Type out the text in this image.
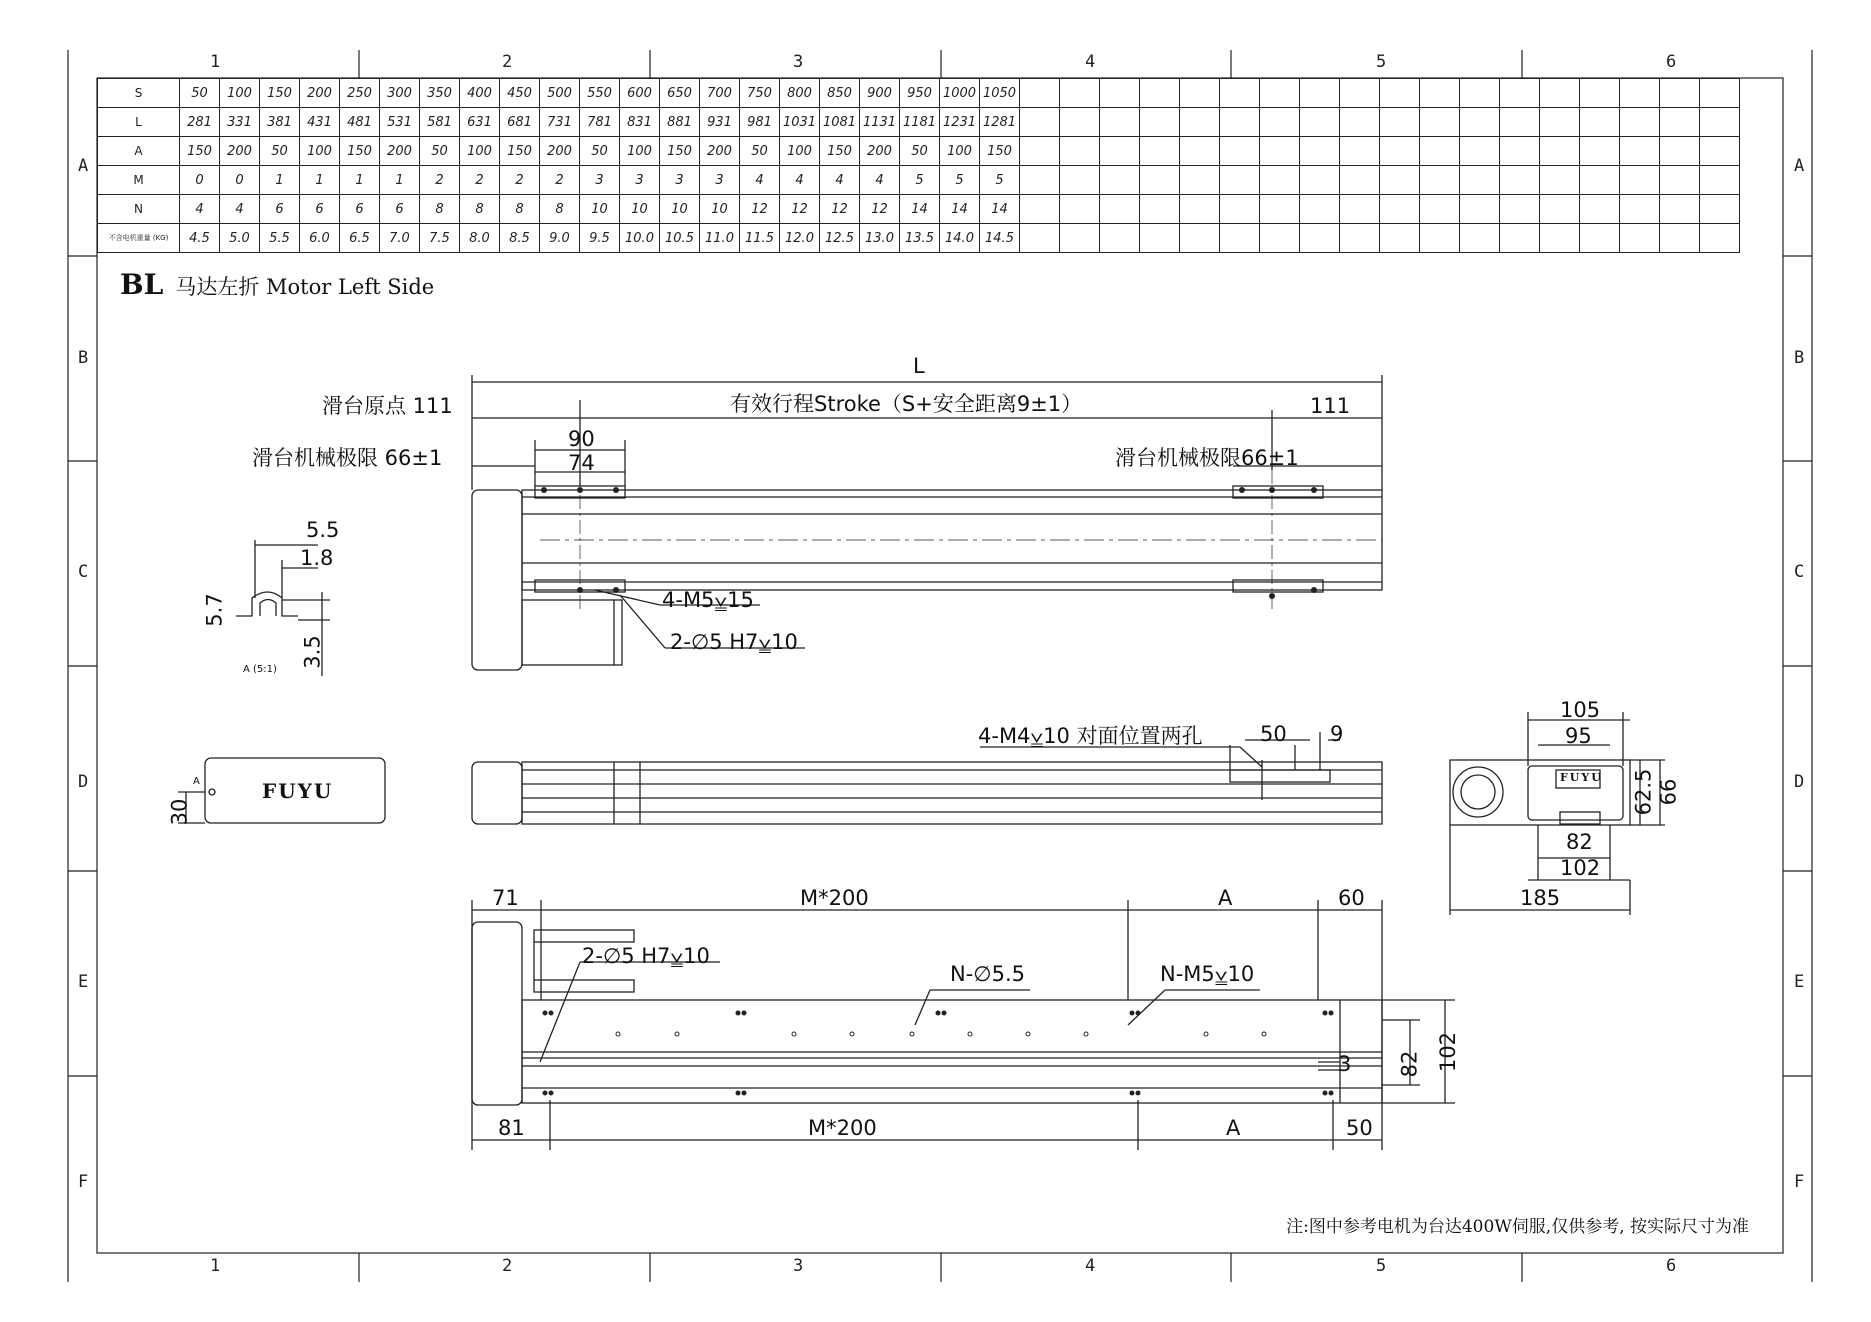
1	2	3	4	5	6
1	2	3	4	5	6
A
B
C
D
E
F
A
B
C
D
E
F
S	50	100	150	200	250	300	350	400	450	500	550	600	650	700	750	800	850	900	950	1000	1050																		
L	281	331	381	431	481	531	581	631	681	731	781	831	881	931	981	1031	1081	1131	1181	1231	1281																		
A	150	200	50	100	150	200	50	100	150	200	50	100	150	200	50	100	150	200	50	100	150																		
M	0	0	1	1	1	1	2	2	2	2	3	3	3	3	4	4	4	4	5	5	5																		
N	4	4	6	6	6	6	8	8	8	8	10	10	10	10	12	12	12	12	14	14	14																		
不含电机重量 (KG)	4.5	5.0	5.5	6.0	6.5	7.0	7.5	8.0	8.5	9.0	9.5	10.0	10.5	11.0	11.5	12.0	12.5	13.0	13.5	14.0	14.5																		
BL 马达左折 Motor Left Side
L
滑台原点 111	有效行程Stroke（S+安全距离9±1）	111
滑台机械极限 66±1	滑台机械极限66±1
90
74
4-M5⩣15
2-∅5 H7⩣10
5.5
1.8
5.7
3.5
A (5:1)
A
4-M4⩣10 对面位置两孔	50 9
30
105
95
62.5 66
82
102
185
71	M*200	A	60
2-∅5 H7⩣10
N-∅5.5	N-M5⩣10
82 102
3
81	M*200	A	50
FUYU
FUYU
注:图中参考电机为台达400W伺服,仅供参考, 按实际尺寸为准
